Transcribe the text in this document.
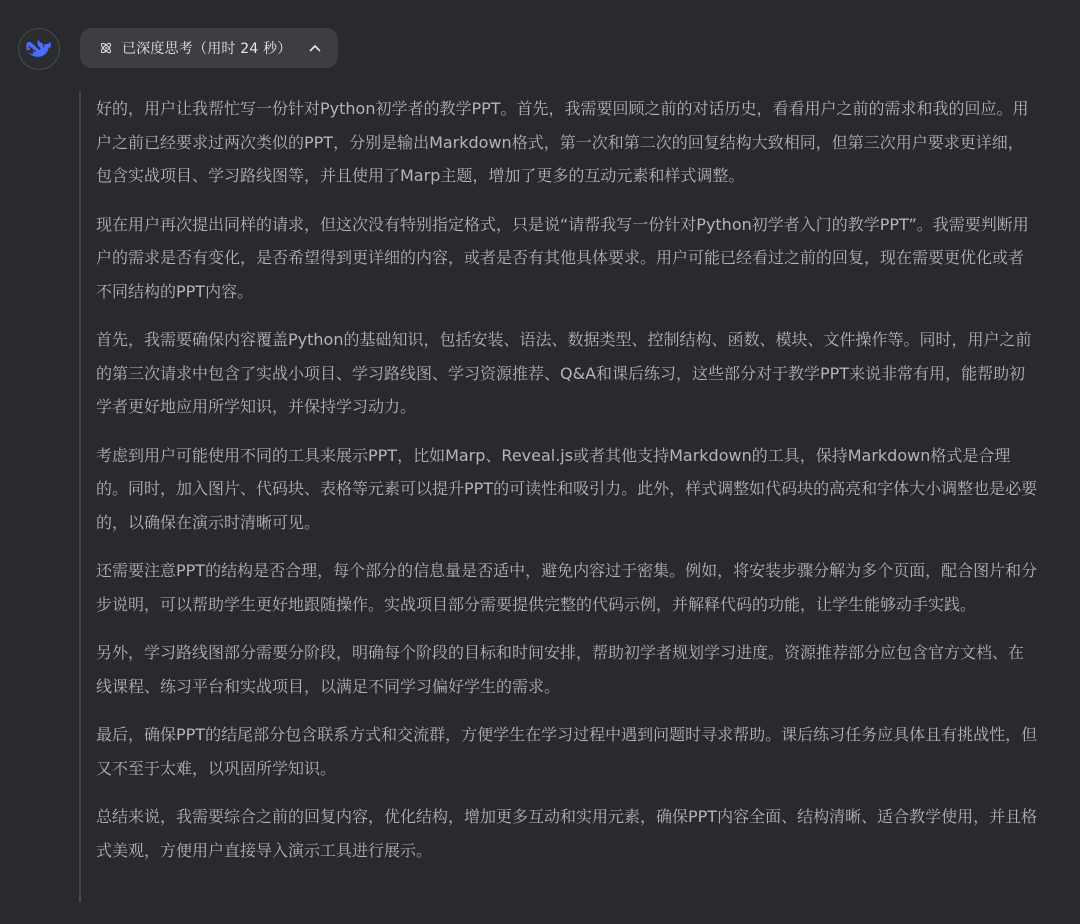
已深度思考（用时 24 秒）

好的，用户让我帮忙写一份针对Python初学者的教学PPT。首先，我需要回顾之前的对话历史，看看用户之前的需求和我的回应。用户之前已经要求过两次类似的PPT，分别是输出Markdown格式，第一次和第二次的回复结构大致相同，但第三次用户要求更详细，包含实战项目、学习路线图等，并且使用了Marp主题，增加了更多的互动元素和样式调整。

现在用户再次提出同样的请求，但这次没有特别指定格式，只是说“请帮我写一份针对Python初学者入门的教学PPT”。我需要判断用户的需求是否有变化，是否希望得到更详细的内容，或者是否有其他具体要求。用户可能已经看过之前的回复，现在需要更优化或者不同结构的PPT内容。

首先，我需要确保内容覆盖Python的基础知识，包括安装、语法、数据类型、控制结构、函数、模块、文件操作等。同时，用户之前的第三次请求中包含了实战小项目、学习路线图、学习资源推荐、Q&A和课后练习，这些部分对于教学PPT来说非常有用，能帮助初学者更好地应用所学知识，并保持学习动力。

考虑到用户可能使用不同的工具来展示PPT，比如Marp、Reveal.js或者其他支持Markdown的工具，保持Markdown格式是合理的。同时，加入图片、代码块、表格等元素可以提升PPT的可读性和吸引力。此外，样式调整如代码块的高亮和字体大小调整也是必要的，以确保在演示时清晰可见。

还需要注意PPT的结构是否合理，每个部分的信息量是否适中，避免内容过于密集。例如，将安装步骤分解为多个页面，配合图片和分步说明，可以帮助学生更好地跟随操作。实战项目部分需要提供完整的代码示例，并解释代码的功能，让学生能够动手实践。

另外，学习路线图部分需要分阶段，明确每个阶段的目标和时间安排，帮助初学者规划学习进度。资源推荐部分应包含官方文档、在线课程、练习平台和实战项目，以满足不同学习偏好学生的需求。

最后，确保PPT的结尾部分包含联系方式和交流群，方便学生在学习过程中遇到问题时寻求帮助。课后练习任务应具体且有挑战性，但又不至于太难，以巩固所学知识。

总结来说，我需要综合之前的回复内容，优化结构，增加更多互动和实用元素，确保PPT内容全面、结构清晰、适合教学使用，并且格式美观，方便用户直接导入演示工具进行展示。
